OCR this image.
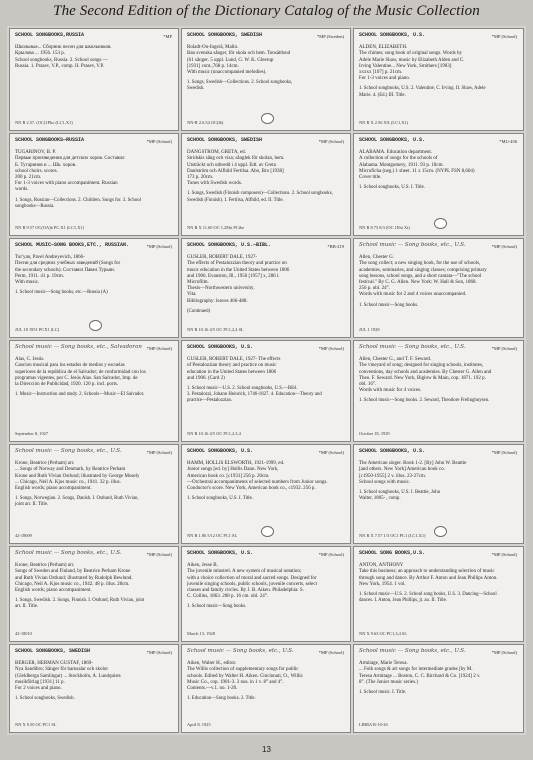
The Second Edition of the Dictionary Catalog of the Music Collection
SCHOOL SONGBOOKS,RUSSIA	*MP
Школьные... Сборник песен для школьников.
Крылова ... 1956. 153 p.
School songbooks, Russia. 2. School songs —
Russia. 1. Prasev, V.P., comp. II. Prasev, V.P.
NN R 2.57. (OC)1Pbo (LC1,X1)
SCHOOL SONGBOOKS, SWEDISH	*MP (Sweden)
Roladt-On-Ingerä, Malin.
Ban svenska sånger, för skola och hem. Tonsättlsnd
(61 sånger. 5 uppl. Lund, G. W. K. Gleerup
[1931] cont.,768 p. 14cm.
With music (unaccompanied melodies).
1. Songs, Swedish—Collections. 2. School songbooks,
Swedish.
NN-R 2.6.54 OC(lb)
SCHOOL SONGBOOKS, U.S.	*MP (School)
ALDEN, ELIZABETH.
The chimes; song book of original songs. Words by
Adele Marie Shaw, music by Elizabeth Alden and C.
Irving Valentine... New York, Smithers [1903]
xxxxx [107] p. 21cm.
For 1-3 voices and piano.
1. School songbooks, U.S. 2. Valentine, C. Irving. II. Shaw, Adele
Marie. 4. (Ed.) III. Title.
NN R X 2.56 XX (LC1,X1)
SCHOOL SONGBOOKS—RUSSIA	*MP (School)
TUGARINOV, B. P.
Первые произведения для детских хоров. Составил
Б. Тугаринов и ... Шк. хоров.
school choirs. scores.
200 p. 21cm.
For 1-3 voices with piano accompaniment. Russian
words.
1. Songs, Russian—Collections. 2. Children. Songs for. 3. School
songbooks—Russia.
NN R 9.57 OC(OA)b PC.X1 (LC1,X1)
SCHOOL SONGBOOKS, SWEDISH	*MP (School)
DANGSTROM, GRETA, ed.
Stridskis sång och visa; sånglek för skolan, hem.
Utsträckt och utbredd i 4 uppl. Edt. av Greta
Danlström och Alfhild Fertilsa. Abo, Bro [1938]
173 p. 20cm.
Tunes with Swedish words.
1. Songs, Swedish (Finnish composers)—Collections. 2. School songbooks,
Swedish (Finnish). I. Fertilsa, Alfhild, ed. II. Title.
NN R X 11.60 OC 1,2Ebt PCtbe
SCHOOL SONGBOOKS, U.S.	*MU-456
ALABAMA. Education department.
A collection of songs for the schools of
Alabama. Montgomery, 1911. 93 p. 18cm.
Microficha (neg.) 1 sheet. 11 x 15cm. (NYPL FSN 8,604)
Cover title.
1. School songbooks, U.S. I. Title.
NN R 8.73 8/3 (OC 1Ebt Xt)
SCHOOL MUSIC—SONG BOOKS,ETC., RUSSIAN.	*MP (School)
Tur'yan, Pavel Andreyevich, 1866-
Песни для средних учебных заведений (Songs for
the secondary schools). Составил Павел Турьян.
Perm, 1911. 41 p. 19cm.
With music.
1. School music—Song books, etc.—Russia (A)
JUL 18 1951 PCX1 (LC)
SCHOOL SONGBOOKS, U.S.—BIBL.	*RB-219
GUSLER, ROBERT DALE, 1927-
The effects of Pestalozzian theory and practice on
music education in the United States between 1806
and 1906. Evanston, Ill., 1956 [1957] x, 286 l.
Microfilm.
Thesis—Northwestern university.
Vita.
Bibliography: leaves 466-488.
(Continued)
NN R 10.16 4/5 OC PC1,2,4 SL
School music — Song books, etc., U.S.	*MP (School)
Allen, Chester G.
The song collect; a new singing book, for the use of schools,
academies, seminaries, and singing classes; comprising primary
song lessons, school songs, and a short cantata—"The school
festival." By C. G. Allen. New York: W. Hall & Son, 1868.
256 p. obl. 24°.
Words with music for 2 and 4 voices unaccompanied.
1. School music—Song books.
JUL 1 1928
School music — Song books, etc., Salvadoran	*MP (School)
Alas, C. Jesús.
Cancion musical para los estados de medios y escuelas
superiores de la república de el Salvador; de conformidad con los
programas vigentes, por C. Jesús Alas. San Salvador, Imp. de
la Dirección de Publicidad, 1920. 120 p. incl. ports.
1. Music—Instruction and study. 2. Schools—Music—El Salvador.
September 8, 1927
SCHOOL SONGBOOKS, U.S.	*MP (School)
GUSLER, ROBERT DALE, 1927- The effects
of Pestalozzian theory and practice on music
education in the United States between 1806
and 1906. (Card 2)
1. School music—U.S. 2. School songbooks, U.S.—Bibl.
3. Pestalozzi, Johann Heinrich, 1746-1827. 4. Education—Theory and
practice—Pestalozzian.
NN R 10.16 4/5 OC PC1,2,3,4
School music — Song books, etc., U.S.	*MP (School)
Allen, Chester G., and T. F. Seward.
The vineyard of song; designed for singing schools, institutes,
conventions, day schools and academies. By Chester G. Allen and
Theo. F. Seward. New York, Biglow & Main, cop. 1871. 192 p.
obl. 16°.
Words with music for 4 voices.
1. School music—Song books. 2. Seward, Theodore Frelinghuysen.
October 18, 1929
School music — Song books, etc., U.S.	*MP (School)
Krone, Beatrice (Perham) arr.
... Songs of Norway and Denmark, by Beatrice Perham
Krone and Ruth Vivian Ostlund; illustrated by George Mosely
... Chicago, Neil A. Kjos music co., 1941. 32 p. illus.
English words; piano accompaniment.
1. Songs, Norwegian. 2. Songs, Danish. I. Ostlund, Ruth Vivian,
joint arr. II. Title.
42-18009
SCHOOL SONGBOOKS, U.S.	*MP (School)
HAMM, HOLLIS ELSWORTH, 1921-1999, ed.
Junior songs [ed. by] Hollis Dann. New York,
American book co. [c1931] 256 p. 20cm.
—Orchestral accompaniments of selected numbers from Junior songs.
Conductor's score. New York, American book co., c1932. 256 p.
1. School songbooks, U.S. I. Title.
NN R 1.86 5/12 OC PC1 SL
SCHOOL SONGBOOKS, U.S.	*MP (School)
The American singer. Book 1-2. [By] John W. Beattie
[and others. New York] American book co.
[c1950-1955] 2 v. illus. 23-27cm.
School songs with music.
1. School songbooks, U.S. I. Beattie, John
Walter, 1885- , comp.
NN R X 7.57 1/3 OC1 PC1 (LC1,X1)
School music — Song books, etc., U.S.	*MP (School)
Krone, Beatrice (Perham) arr.
Songs of Sweden and Finland, by Beatrice Perham Krone
and Ruth Vivian Ostlund; illustrated by Rudolph Bewlund.
Chicago, Neil A. Kjos music co., 1942. 48 p. illus. 28cm.
English words; piano accompaniment.
1. Songs, Swedish. 2. Songs, Finnish. I. Ostlund, Ruth Vivian, joint
arr. II. Title.
42-18010
SCHOOL SONGBOOKS, U.S.	*MP (School)
Aiken, Jesse B.
The juvenile minstrel. A new system of musical notation;
with a choice collection of moral and sacred songs. Designed for
juvenile singing schools, public schools, juvenile concerts, select
classes and family circles. By J. B. Aiken. Philadelphia: S.
C. Collins, 1863. 208 p. 16 cm. obl. 24°.
1. School music—Song books.
March 13, 1928
SCHOOL SONG BOOKS,U.S.	*MP (School)
ANTON, ANTHONY
Take this business; an approach to understanding selection of music
through song and dance. By Arthur F. Anton and Jean Phillips Anton.
New York, 1954. 1 vol.
1. School music—U.S. 2. School song books, U.S. 3. Dancing—School
dances. I. Anton, Jean Phillips, jt. au. II. Title.
NN X 9.63 OC PC1,3,4 SL
SCHOOL SONGBOOKS, SWEDISH	*MP (School)
BERGER, HERMAN GUSTAF, 1869-
Nya Sandibro; Sånger för barnsalar och skolor
(Gleldberga Samlingar) ... Stockholm, A. Lundquists
musikförlag [1931] 11 p.
For 2 voices and piano.
1. School songbooks, Swedish.
NN X 9.50 OC PC1 SL
School music — Song books, etc., U.S.	*MP (School)
Aiken, Walter H., editor.
The Willis collection of supplementary songs for public
schools. Edited by Walter H. Aiken. Cincinnati, O., Willis
Music Co., cop. 1901-3. 3 nos. in 1 v. 8° and 4°.
Contents.—v.1. no. 1-20.
1. Education—Song books. 2. Title.
April 8, 1925
School music — Song books, etc., U.S.	*MP (School)
Armitage, Marie Teresa.
... Folk songs & art songs for intermediate grades [by M.
Teresa Armitage ... Boston, C. C. Birchard & Co. [1924] 2 v.
8°. (The Junior music series.)
1. School music. I. Title.
LIBRA R-10-26
13
